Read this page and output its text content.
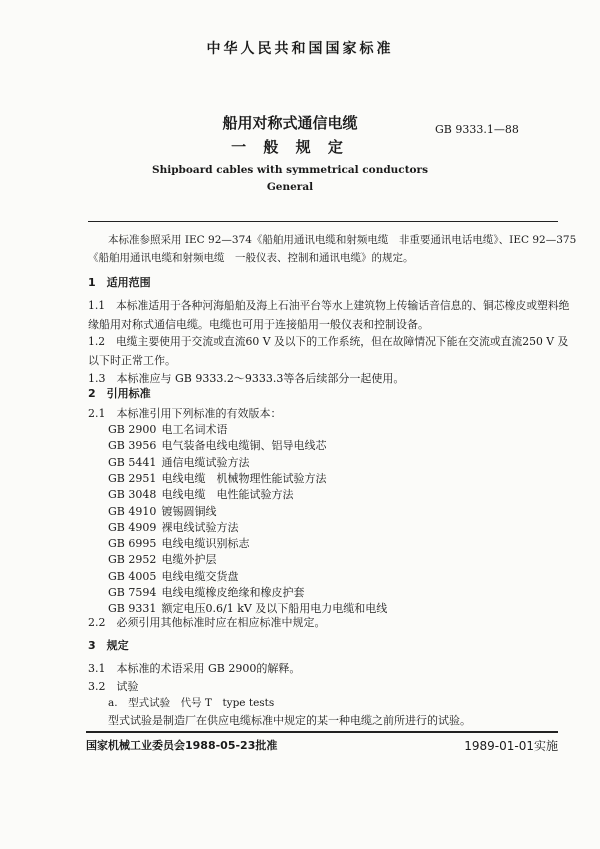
中华人民共和国国家标准
船用对称式通信电缆
一 般 规 定
GB 9333.1—88
Shipboard cables with symmetrical conductors
General
本标准参照采用 IEC 92—374《船舶用通讯电缆和射频电缆　非重要通讯电话电缆》、IEC 92—375
《船舶用通讯电缆和射频电缆　一般仪表、控制和通讯电缆》的规定。
1　适用范围
1.1　本标准适用于各种河海船舶及海上石油平台等水上建筑物上传输话音信息的、铜芯橡皮或塑料绝
缘船用对称式通信电缆。电缆也可用于连接船用一般仪表和控制设备。
1.2　电缆主要使用于交流或直流60 V 及以下的工作系统，但在故障情况下能在交流或直流250 V 及
以下时正常工作。
1.3　本标准应与 GB 9333.2～9333.3等各后续部分一起使用。
2　引用标准
2.1　本标准引用下列标准的有效版本：
GB 2900 电工名词术语
GB 3956 电气装备电线电缆铜、铝导电线芯
GB 5441 通信电缆试验方法
GB 2951 电线电缆　机械物理性能试验方法
GB 3048 电线电缆　电性能试验方法
GB 4910 镀锡圆铜线
GB 4909 裸电线试验方法
GB 6995 电线电缆识别标志
GB 2952 电缆外护层
GB 4005 电线电缆交货盘
GB 7594 电线电缆橡皮绝缘和橡皮护套
GB 9331 额定电压0.6/1 kV 及以下船用电力电缆和电线
2.2　必须引用其他标准时应在相应标准中规定。
3　规定
3.1　本标准的术语采用 GB 2900的解释。
3.2　试验
a.　型式试验　代号 T　type tests
型式试验是制造厂在供应电缆标准中规定的某一种电缆之前所进行的试验。
国家机械工业委员会1988-05-23批准	1989-01-01实施
